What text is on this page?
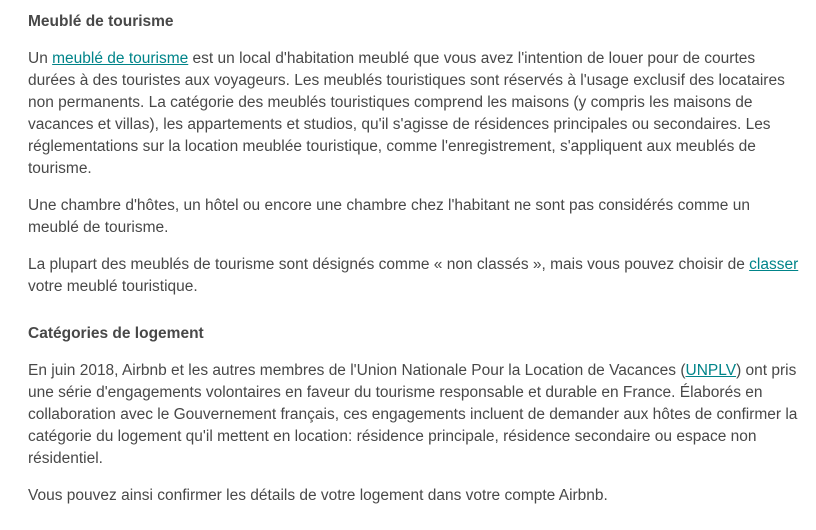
Meublé de tourisme

Un meublé de tourisme est un local d'habitation meublé que vous avez l'intention de louer pour de courtes durées à des touristes aux voyageurs. Les meublés touristiques sont réservés à l'usage exclusif des locataires non permanents. La catégorie des meublés touristiques comprend les maisons (y compris les maisons de vacances et villas), les appartements et studios, qu'il s'agisse de résidences principales ou secondaires. Les réglementations sur la location meublée touristique, comme l'enregistrement, s'appliquent aux meublés de tourisme.

Une chambre d'hôtes, un hôtel ou encore une chambre chez l'habitant ne sont pas considérés comme un meublé de tourisme.

La plupart des meublés de tourisme sont désignés comme « non classés », mais vous pouvez choisir de classer votre meublé touristique.

Catégories de logement

En juin 2018, Airbnb et les autres membres de l'Union Nationale Pour la Location de Vacances (UNPLV) ont pris une série d'engagements volontaires en faveur du tourisme responsable et durable en France. Élaborés en collaboration avec le Gouvernement français, ces engagements incluent de demander aux hôtes de confirmer la catégorie du logement qu'il mettent en location: résidence principale, résidence secondaire ou espace non résidentiel.

Vous pouvez ainsi confirmer les détails de votre logement dans votre compte Airbnb.
